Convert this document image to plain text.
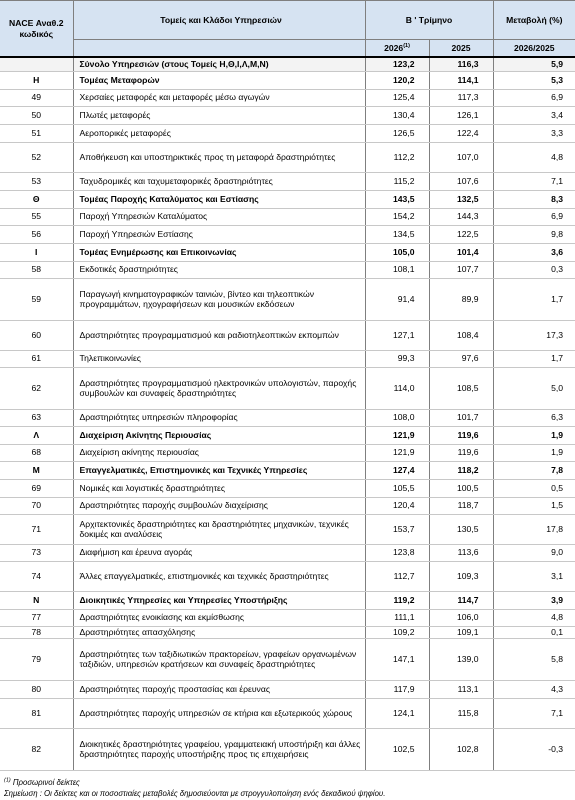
NACE Αναθ.2 κωδικός	Τομείς και Κλάδοι Υπηρεσιών	Β ' Τρίμηνο		Μεταβολή (%)
		2026$^{(1)}$	2025	2026/2025
	Σύνολο Υπηρεσιών (στους Τομείς Η,Θ,Ι,Λ,Μ,Ν)	123,2	116,3	5,9
Η	Τομέας Μεταφορών	120,2	114,1	5,3
49	Χερσαίες μεταφορές και μεταφορές μέσω αγωγών	125,4	117,3	6,9
50	Πλωτές μεταφορές	130,4	126,1	3,4
51	Αεροπορικές μεταφορές	126,5	122,4	3,3
52	Αποθήκευση και υποστηρικτικές προς τη μεταφορά δραστηριότητες	112,2	107,0	4,8
53	Ταχυδρομικές και ταχυμεταφορικές δραστηριότητες	115,2	107,6	7,1
Θ	Τομέας Παροχής Καταλύματος και Εστίασης	143,5	132,5	8,3
55	Παροχή Υπηρεσιών Καταλύματος	154,2	144,3	6,9
56	Παροχή Υπηρεσιών Εστίασης	134,5	122,5	9,8
Ι	Τομέας Ενημέρωσης και Επικοινωνίας	105,0	101,4	3,6
58	Εκδοτικές δραστηριότητες	108,1	107,7	0,3
59	Παραγωγή κινηματογραφικών ταινιών, βίντεο και τηλεοπτικών προγραμμάτων, ηχογραφήσεων και μουσικών εκδόσεων	91,4	89,9	1,7
60	Δραστηριότητες προγραμματισμού και ραδιοτηλεοπτικών εκπομπών	127,1	108,4	17,3
61	Τηλεπικοινωνίες	99,3	97,6	1,7
62	Δραστηριότητες προγραμματισμού ηλεκτρονικών υπολογιστών, παροχής συμβουλών και συναφείς δραστηριότητες	114,0	108,5	5,0
63	Δραστηριότητες υπηρεσιών πληροφορίας	108,0	101,7	6,3
Λ	Διαχείριση Ακίνητης Περιουσίας	121,9	119,6	1,9
68	Διαχείριση ακίνητης περιουσίας	121,9	119,6	1,9
Μ	Επαγγελματικές, Επιστημονικές και Τεχνικές Υπηρεσίες	127,4	118,2	7,8
69	Νομικές και λογιστικές δραστηριότητες	105,5	100,5	0,5
70	Δραστηριότητες παροχής συμβουλών διαχείρισης	120,4	118,7	1,5
71	Αρχιτεκτονικές δραστηριότητες και δραστηριότητες μηχανικών, τεχνικές δοκιμές και αναλύσεις	153,7	130,5	17,8
73	Διαφήμιση και έρευνα αγοράς	123,8	113,6	9,0
74	Άλλες επαγγελματικές, επιστημονικές και τεχνικές δραστηριότητες	112,7	109,3	3,1
Ν	Διοικητικές Υπηρεσίες και Υπηρεσίες Υποστήριξης	119,2	114,7	3,9
77	Δραστηριότητες ενοικίασης και εκμίσθωσης	111,1	106,0	4,8
78	Δραστηριότητες απασχόλησης	109,2	109,1	0,1
79	Δραστηριότητες των ταξιδιωτικών πρακτορείων, γραφείων οργανωμένων ταξιδιών, υπηρεσιών κρατήσεων και συναφείς δραστηριότητες	147,1	139,0	5,8
80	Δραστηριότητες παροχής προστασίας και έρευνας	117,9	113,1	4,3
81	Δραστηριότητες παροχής υπηρεσιών σε κτήρια και εξωτερικούς χώρους	124,1	115,8	7,1
82	Διοικητικές δραστηριότητες γραφείου, γραμματειακή υποστήριξη και άλλες δραστηριότητες παροχής υποστήριξης προς τις επιχειρήσεις	102,5	102,8	-0,3
$^{(1)}$ Προσωρινοί δείκτες
Σημείωση : Οι δείκτες και οι ποσοστιαίες μεταβολές δημοσιεύονται με στρογγυλοποίηση ενός δεκαδικού ψηφίου.
